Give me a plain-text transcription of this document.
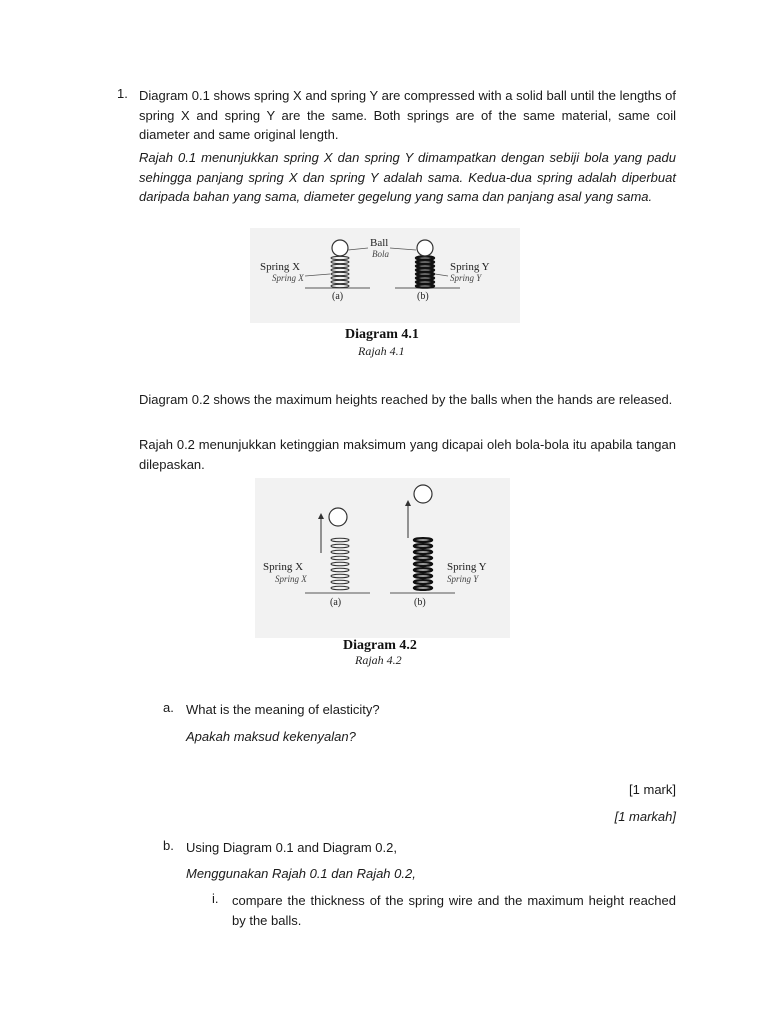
1. Diagram 0.1 shows spring X and spring Y are compressed with a solid ball until the lengths of spring X and spring Y are the same. Both springs are of the same material, same coil diameter and same original length.

Rajah 0.1 menunjukkan spring X dan spring Y dimampatkan dengan sebiji bola yang padu sehingga panjang spring X dan spring Y adalah sama. Kedua-dua spring adalah diperbuat daripada bahan yang sama, diameter gegelung yang sama dan panjang asal yang sama.

Ball
Bola
Spring X
Spring X
Spring Y
Spring Y
(a)	(b)
Diagram 4.1
Rajah 4.1

Diagram 0.2 shows the maximum heights reached by the balls when the hands are released.

Rajah 0.2 menunjukkan ketinggian maksimum yang dicapai oleh bola-bola itu apabila tangan dilepaskan.

Spring X
Spring X
Spring Y
Spring Y
(a)	(b)
Diagram 4.2
Rajah 4.2
a. What is the meaning of elasticity?

Apakah maksud kekenyalan?

[1 mark]
[1 markah]
b. Using Diagram 0.1 and Diagram 0.2,

Menggunakan Rajah 0.1 dan Rajah 0.2,

i. compare the thickness of the spring wire and the maximum height reached by the balls.
